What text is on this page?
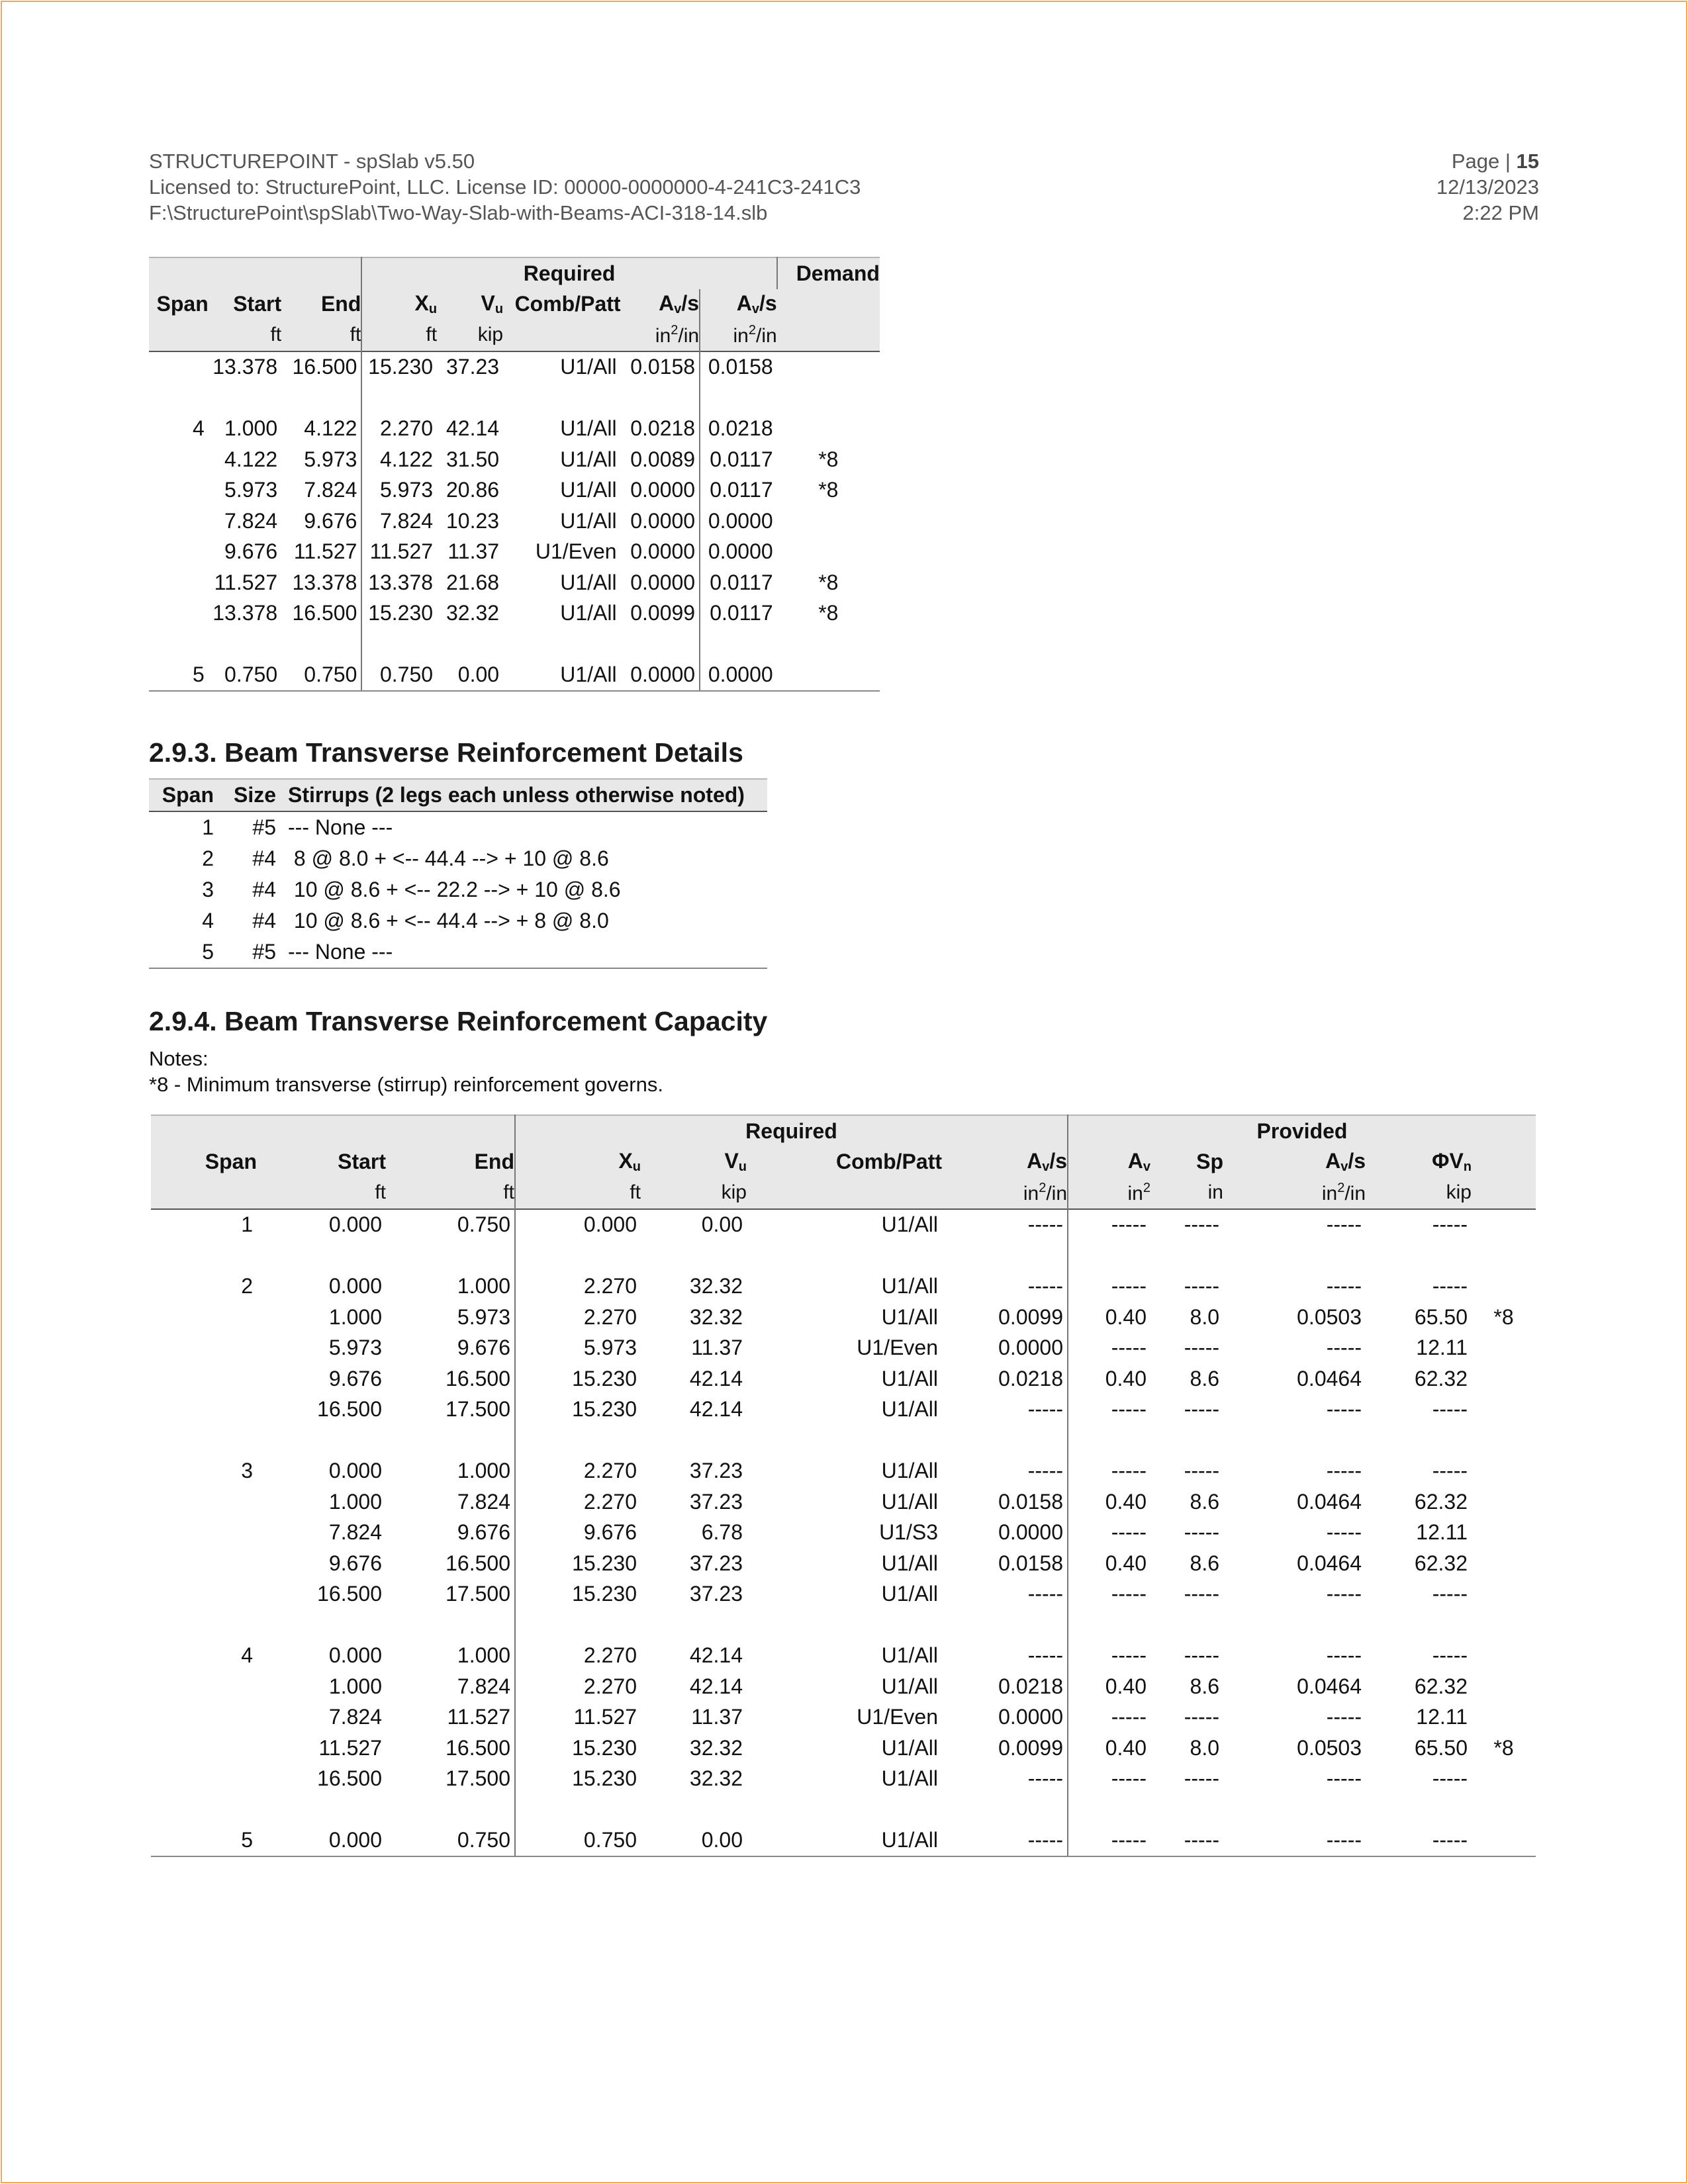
STRUCTUREPOINT - spSlab v5.50
Licensed to: StructurePoint, LLC. License ID: 00000-0000000-4-241C3-241C3
F:\StructurePoint\spSlab\Two-Way-Slab-with-Beams-ACI-318-14.slb
Page | 15
12/13/2023
2:22 PM
			Required					Demand
Span	Start	End	$X_u$	$V_u$	Comb/Patt	$A_v/s$	$A_v/s$	
	ft	ft	ft	kip		$in^2/in$	$in^2/in$	
	13.378	16.500	15.230	37.23	U1/All	0.0158	0.0158	

4	1.000	4.122	2.270	42.14	U1/All	0.0218	0.0218	
	4.122	5.973	4.122	31.50	U1/All	0.0089	0.0117	*8
	5.973	7.824	5.973	20.86	U1/All	0.0000	0.0117	*8
	7.824	9.676	7.824	10.23	U1/All	0.0000	0.0000	
	9.676	11.527	11.527	11.37	U1/Even	0.0000	0.0000	
	11.527	13.378	13.378	21.68	U1/All	0.0000	0.0117	*8
	13.378	16.500	15.230	32.32	U1/All	0.0099	0.0117	*8

5	0.750	0.750	0.750	0.00	U1/All	0.0000	0.0000	
2.9.3. Beam Transverse Reinforcement Details
Span	Size	Stirrups (2 legs each unless otherwise noted)
1	#5	--- None ---
2	#4	8 @ 8.0 + <-- 44.4 --> + 10 @ 8.6
3	#4	10 @ 8.6 + <-- 22.2 --> + 10 @ 8.6
4	#4	10 @ 8.6 + <-- 44.4 --> + 8 @ 8.0
5	#5	--- None ---
2.9.4. Beam Transverse Reinforcement Capacity
Notes:
*8 - Minimum transverse (stirrup) reinforcement governs.
			Required				Provided				
Span	Start	End	$X_u$	$V_u$	Comb/Patt	$A_v/s$	$A_v$	Sp	$A_v/s$	$\Phi V_n$	
	ft	ft	ft	kip		$in^2/in$	$in^2$	in	$in^2/in$	kip	
1	0.000	0.750	0.000	0.00	U1/All	-----	-----	-----	-----	-----	

2	0.000	1.000	2.270	32.32	U1/All	-----	-----	-----	-----	-----	
	1.000	5.973	2.270	32.32	U1/All	0.0099	0.40	8.0	0.0503	65.50	*8
	5.973	9.676	5.973	11.37	U1/Even	0.0000	-----	-----	-----	12.11	
	9.676	16.500	15.230	42.14	U1/All	0.0218	0.40	8.6	0.0464	62.32	
	16.500	17.500	15.230	42.14	U1/All	-----	-----	-----	-----	-----	

3	0.000	1.000	2.270	37.23	U1/All	-----	-----	-----	-----	-----	
	1.000	7.824	2.270	37.23	U1/All	0.0158	0.40	8.6	0.0464	62.32	
	7.824	9.676	9.676	6.78	U1/S3	0.0000	-----	-----	-----	12.11	
	9.676	16.500	15.230	37.23	U1/All	0.0158	0.40	8.6	0.0464	62.32	
	16.500	17.500	15.230	37.23	U1/All	-----	-----	-----	-----	-----	

4	0.000	1.000	2.270	42.14	U1/All	-----	-----	-----	-----	-----	
	1.000	7.824	2.270	42.14	U1/All	0.0218	0.40	8.6	0.0464	62.32	
	7.824	11.527	11.527	11.37	U1/Even	0.0000	-----	-----	-----	12.11	
	11.527	16.500	15.230	32.32	U1/All	0.0099	0.40	8.0	0.0503	65.50	*8
	16.500	17.500	15.230	32.32	U1/All	-----	-----	-----	-----	-----	

5	0.000	0.750	0.750	0.00	U1/All	-----	-----	-----	-----	-----	
